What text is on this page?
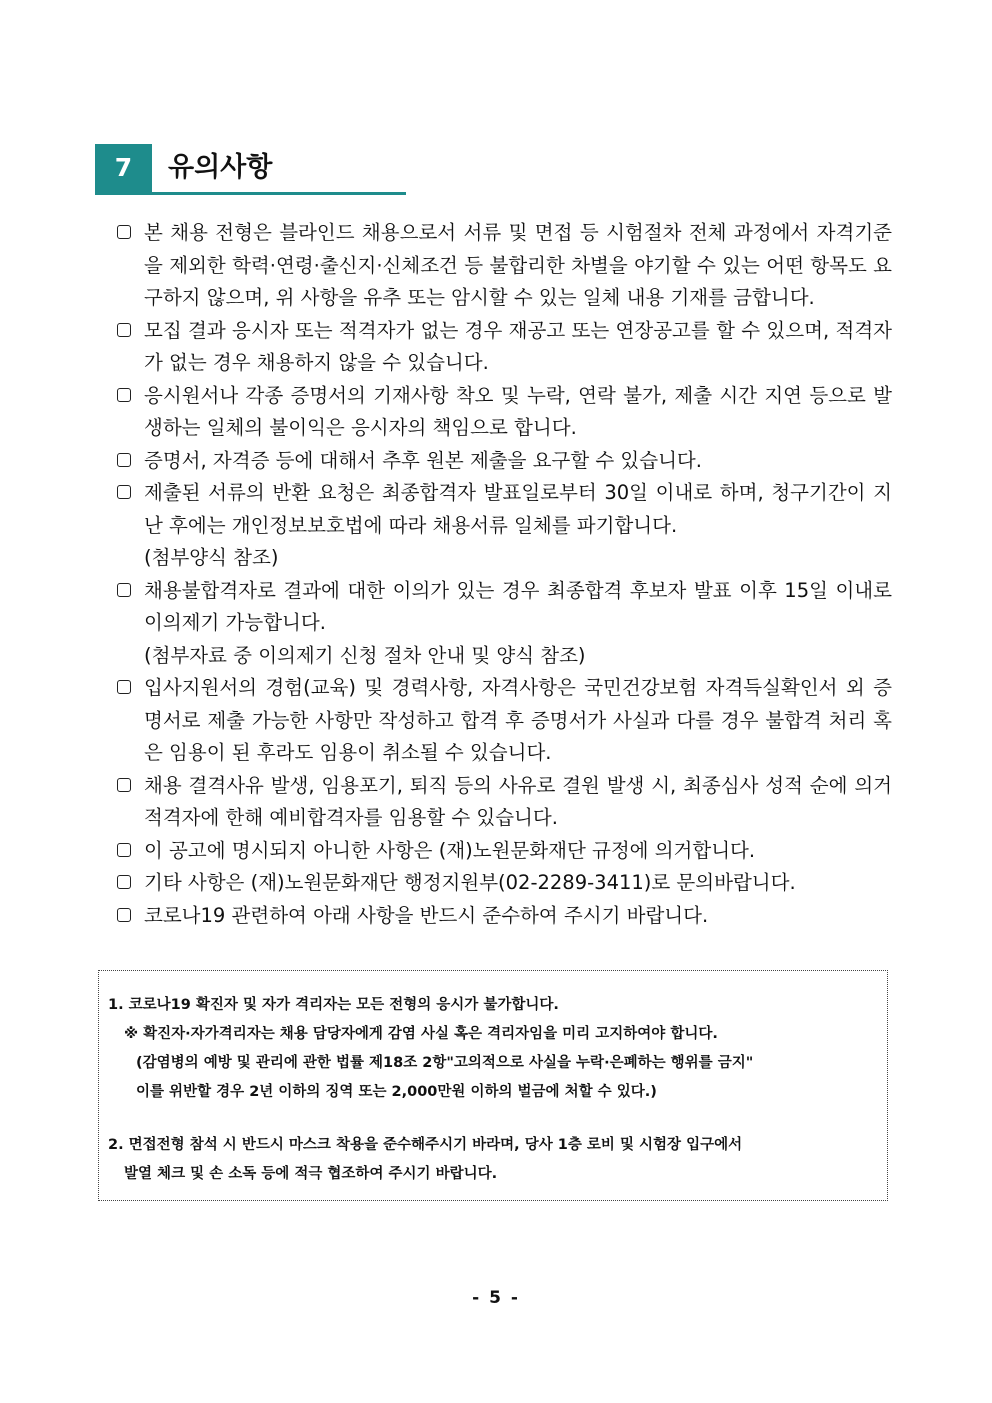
7	유의사항
본 채용 전형은 블라인드 채용으로서 서류 및 면접 등 시험절차 전체 과정에서 자격기준을 제외한 학력·연령·출신지·신체조건 등 불합리한 차별을 야기할 수 있는 어떤 항목도 요구하지 않으며, 위 사항을 유추 또는 암시할 수 있는 일체 내용 기재를 금합니다.
모집 결과 응시자 또는 적격자가 없는 경우 재공고 또는 연장공고를 할 수 있으며, 적격자가 없는 경우 채용하지 않을 수 있습니다.
응시원서나 각종 증명서의 기재사항 착오 및 누락, 연락 불가, 제출 시간 지연 등으로 발생하는 일체의 불이익은 응시자의 책임으로 합니다.
증명서, 자격증 등에 대해서 추후 원본 제출을 요구할 수 있습니다.
제출된 서류의 반환 요청은 최종합격자 발표일로부터 30일 이내로 하며, 청구기간이 지난 후에는 개인정보보호법에 따라 채용서류 일체를 파기합니다.
(첨부양식 참조)
채용불합격자로 결과에 대한 이의가 있는 경우 최종합격 후보자 발표 이후 15일 이내로 이의제기 가능합니다.
(첨부자료 중 이의제기 신청 절차 안내 및 양식 참조)
입사지원서의 경험(교육) 및 경력사항, 자격사항은 국민건강보험 자격득실확인서 외 증명서로 제출 가능한 사항만 작성하고 합격 후 증명서가 사실과 다를 경우 불합격 처리 혹은 임용이 된 후라도 임용이 취소될 수 있습니다.
채용 결격사유 발생, 임용포기, 퇴직 등의 사유로 결원 발생 시, 최종심사 성적 순에 의거 적격자에 한해 예비합격자를 임용할 수 있습니다.
이 공고에 명시되지 아니한 사항은 (재)노원문화재단 규정에 의거합니다.
기타 사항은 (재)노원문화재단 행정지원부(02-2289-3411)로 문의바랍니다.
코로나19 관련하여 아래 사항을 반드시 준수하여 주시기 바랍니다.
1. 코로나19 확진자 및 자가 격리자는 모든 전형의 응시가 불가합니다.
※ 확진자·자가격리자는 채용 담당자에게 감염 사실 혹은 격리자임을 미리 고지하여야 합니다.
(감염병의 예방 및 관리에 관한 법률 제18조 2항"고의적으로 사실을 누락·은폐하는 행위를 금지"
이를 위반할 경우 2년 이하의 징역 또는 2,000만원 이하의 벌금에 처할 수 있다.)
2. 면접전형 참석 시 반드시 마스크 착용을 준수해주시기 바라며, 당사 1층 로비 및 시험장 입구에서
발열 체크 및 손 소독 등에 적극 협조하여 주시기 바랍니다.
- 5 -
